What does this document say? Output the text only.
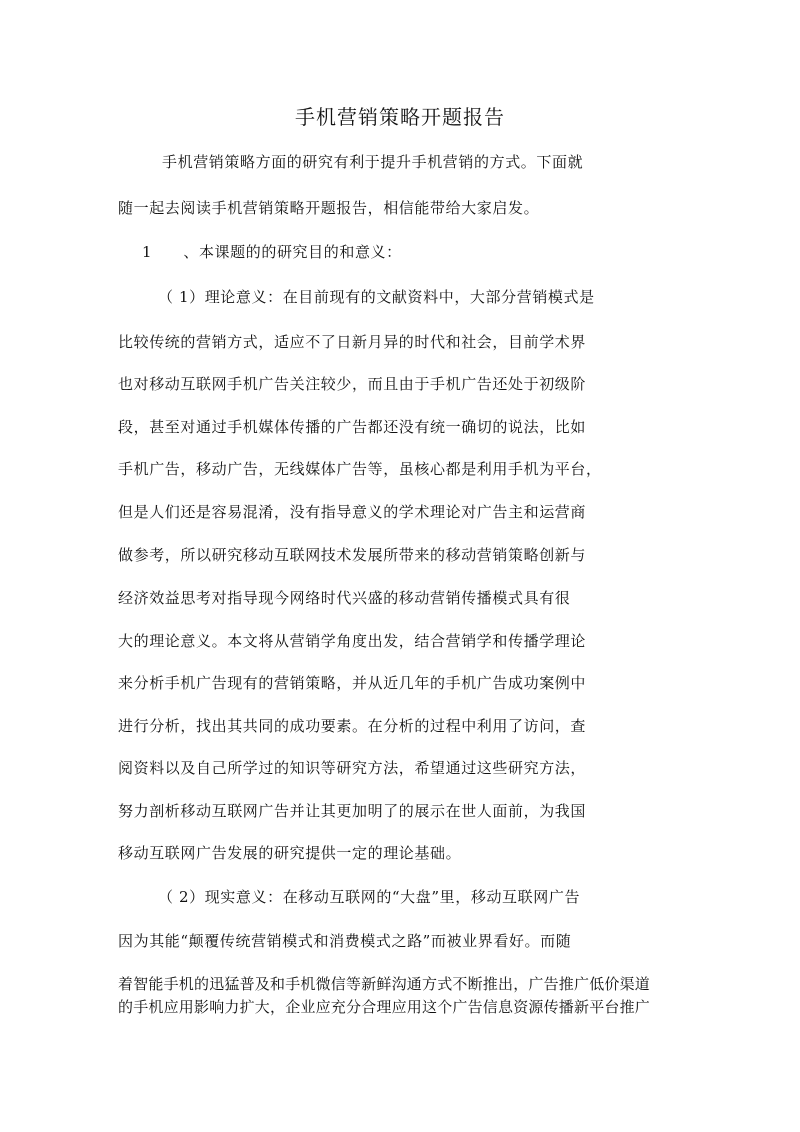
手机营销策略开题报告
手机营销策略方面的研究有利于提升手机营销的方式。下面就
随一起去阅读手机营销策略开题报告，相信能带给大家启发。
1　　、本课题的的研究目的和意义：
（ 1）理论意义：在目前现有的文献资料中，大部分营销模式是
比较传统的营销方式，适应不了日新月异的时代和社会，目前学术界
也对移动互联网手机广告关注较少，而且由于手机广告还处于初级阶
段，甚至对通过手机媒体传播的广告都还没有统一确切的说法，比如
手机广告，移动广告，无线媒体广告等，虽核心都是利用手机为平台，
但是人们还是容易混淆，没有指导意义的学术理论对广告主和运营商
做参考，所以研究移动互联网技术发展所带来的移动营销策略创新与
经济效益思考对指导现今网络时代兴盛的移动营销传播模式具有很
大的理论意义。本文将从营销学角度出发，结合营销学和传播学理论
来分析手机广告现有的营销策略，并从近几年的手机广告成功案例中
进行分析，找出其共同的成功要素。在分析的过程中利用了访问，查
阅资料以及自己所学过的知识等研究方法，希望通过这些研究方法，
努力剖析移动互联网广告并让其更加明了的展示在世人面前，为我国
移动互联网广告发展的研究提供一定的理论基础。
（ 2）现实意义：在移动互联网的“大盘”里，移动互联网广告
因为其能“颠覆传统营销模式和消费模式之路”而被业界看好。而随
着智能手机的迅猛普及和手机微信等新鲜沟通方式不断推出，广告推广低价渠道
的手机应用影响力扩大，企业应充分合理应用这个广告信息资源传播新平台推广
